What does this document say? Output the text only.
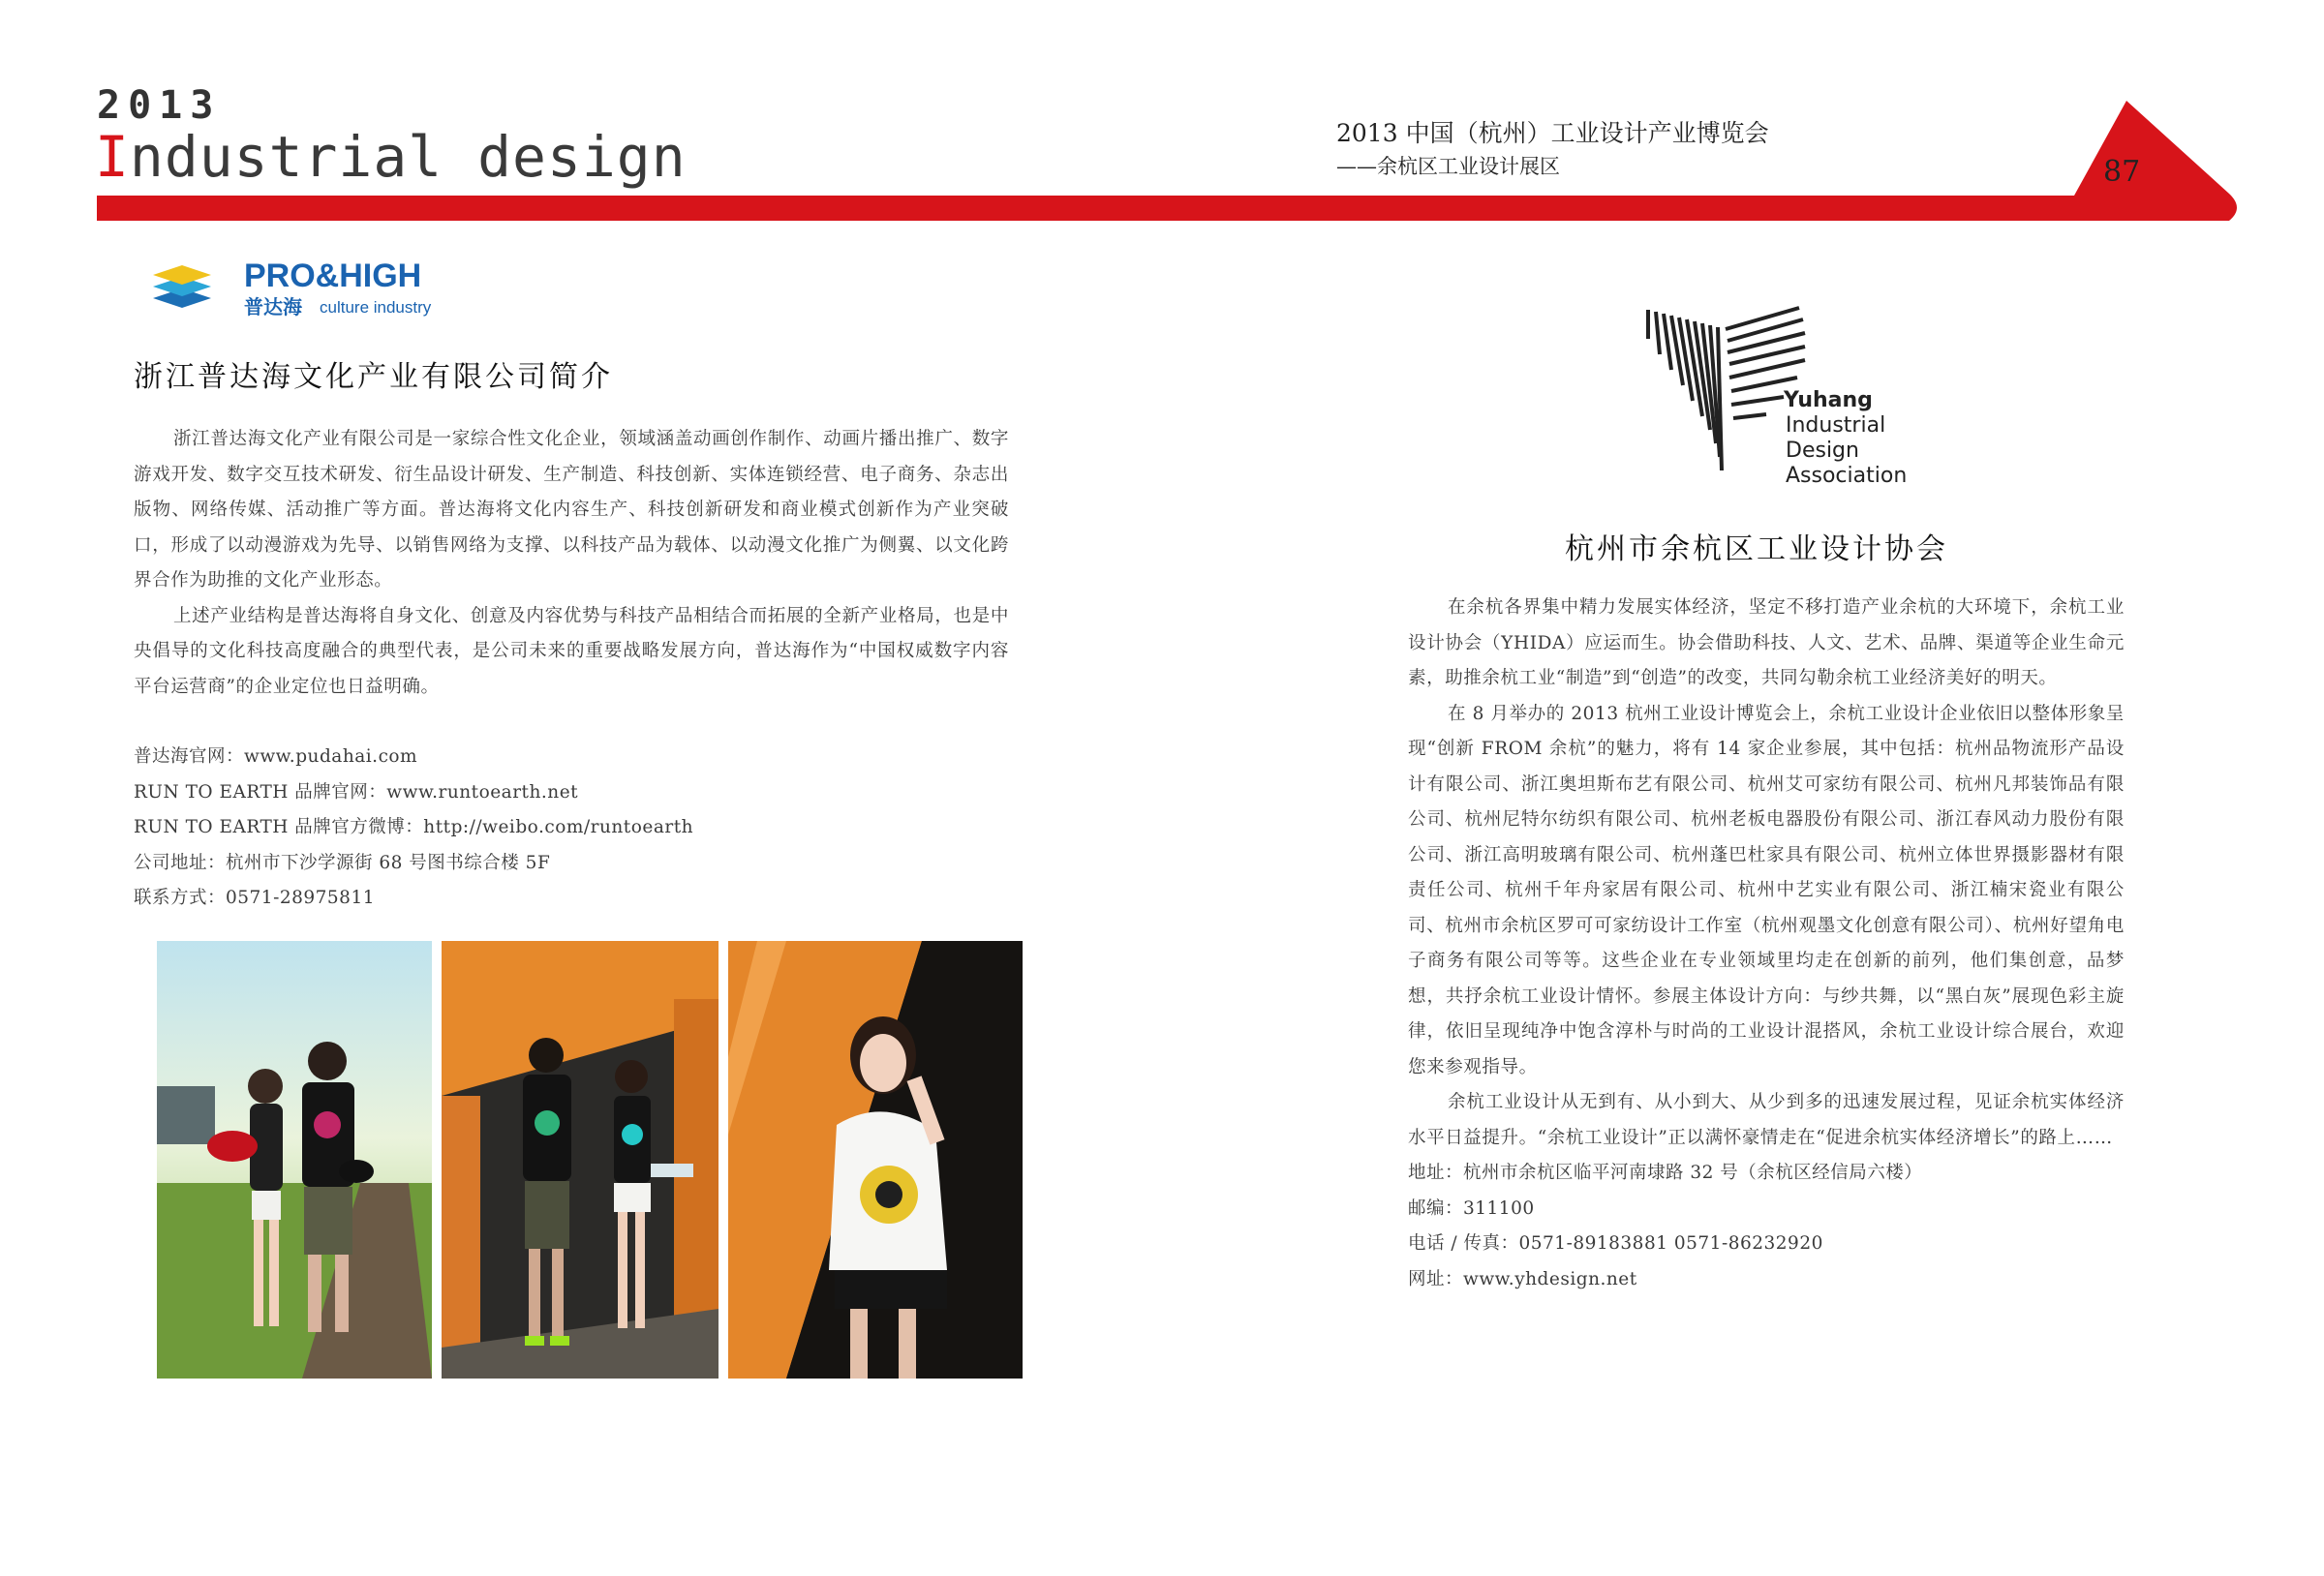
2013
Industrial design	2013 中国（杭州）工业设计产业博览会
——余杭区工业设计展区	87
PRO&HIGH
普达海 culture industry
浙江普达海文化产业有限公司简介

浙江普达海文化产业有限公司是一家综合性文化企业，领域涵盖动画创作制作、动画片播出推广、数字游戏开发、数字交互技术研发、衍生品设计研发、生产制造、科技创新、实体连锁经营、电子商务、杂志出版物、网络传媒、活动推广等方面。普达海将文化内容生产、科技创新研发和商业模式创新作为产业突破口，形成了以动漫游戏为先导、以销售网络为支撑、以科技产品为载体、以动漫文化推广为侧翼、以文化跨界合作为助推的文化产业形态。

上述产业结构是普达海将自身文化、创意及内容优势与科技产品相结合而拓展的全新产业格局，也是中央倡导的文化科技高度融合的典型代表，是公司未来的重要战略发展方向，普达海作为“中国权威数字内容平台运营商”的企业定位也日益明确。

普达海官网：www.pudahai.com
RUN TO EARTH 品牌官网：www.runtoearth.net
RUN TO EARTH 品牌官方微博：http://weibo.com/runtoearth
公司地址：杭州市下沙学源街 68 号图书综合楼 5F
联系方式：0571-28975811
Yuhang
Industrial
Design
Association
杭州市余杭区工业设计协会

在余杭各界集中精力发展实体经济，坚定不移打造产业余杭的大环境下，余杭工业设计协会（YHIDA）应运而生。协会借助科技、人文、艺术、品牌、渠道等企业生命元素，助推余杭工业“制造”到“创造”的改变，共同勾勒余杭工业经济美好的明天。

在 8 月举办的 2013 杭州工业设计博览会上，余杭工业设计企业依旧以整体形象呈现“创新 FROM 余杭”的魅力，将有 14 家企业参展，其中包括：杭州品物流形产品设计有限公司、浙江奥坦斯布艺有限公司、杭州艾可家纺有限公司、杭州凡邦装饰品有限公司、杭州尼特尔纺织有限公司、杭州老板电器股份有限公司、浙江春风动力股份有限公司、浙江高明玻璃有限公司、杭州蓬巴杜家具有限公司、杭州立体世界摄影器材有限责任公司、杭州千年舟家居有限公司、杭州中艺实业有限公司、浙江楠宋瓷业有限公司、杭州市余杭区罗可可家纺设计工作室（杭州观墨文化创意有限公司）、杭州好望角电子商务有限公司等等。这些企业在专业领域里均走在创新的前列，他们集创意，品梦想，共抒余杭工业设计情怀。参展主体设计方向：与纱共舞，以“黑白灰”展现色彩主旋律，依旧呈现纯净中饱含淳朴与时尚的工业设计混搭风，余杭工业设计综合展台，欢迎您来参观指导。

余杭工业设计从无到有、从小到大、从少到多的迅速发展过程，见证余杭实体经济水平日益提升。“余杭工业设计”正以满怀豪情走在“促进余杭实体经济增长”的路上……

地址：杭州市余杭区临平河南埭路 32 号（余杭区经信局六楼）
邮编：311100
电话 / 传真：0571-89183881 0571-86232920
网址：www.yhdesign.net
